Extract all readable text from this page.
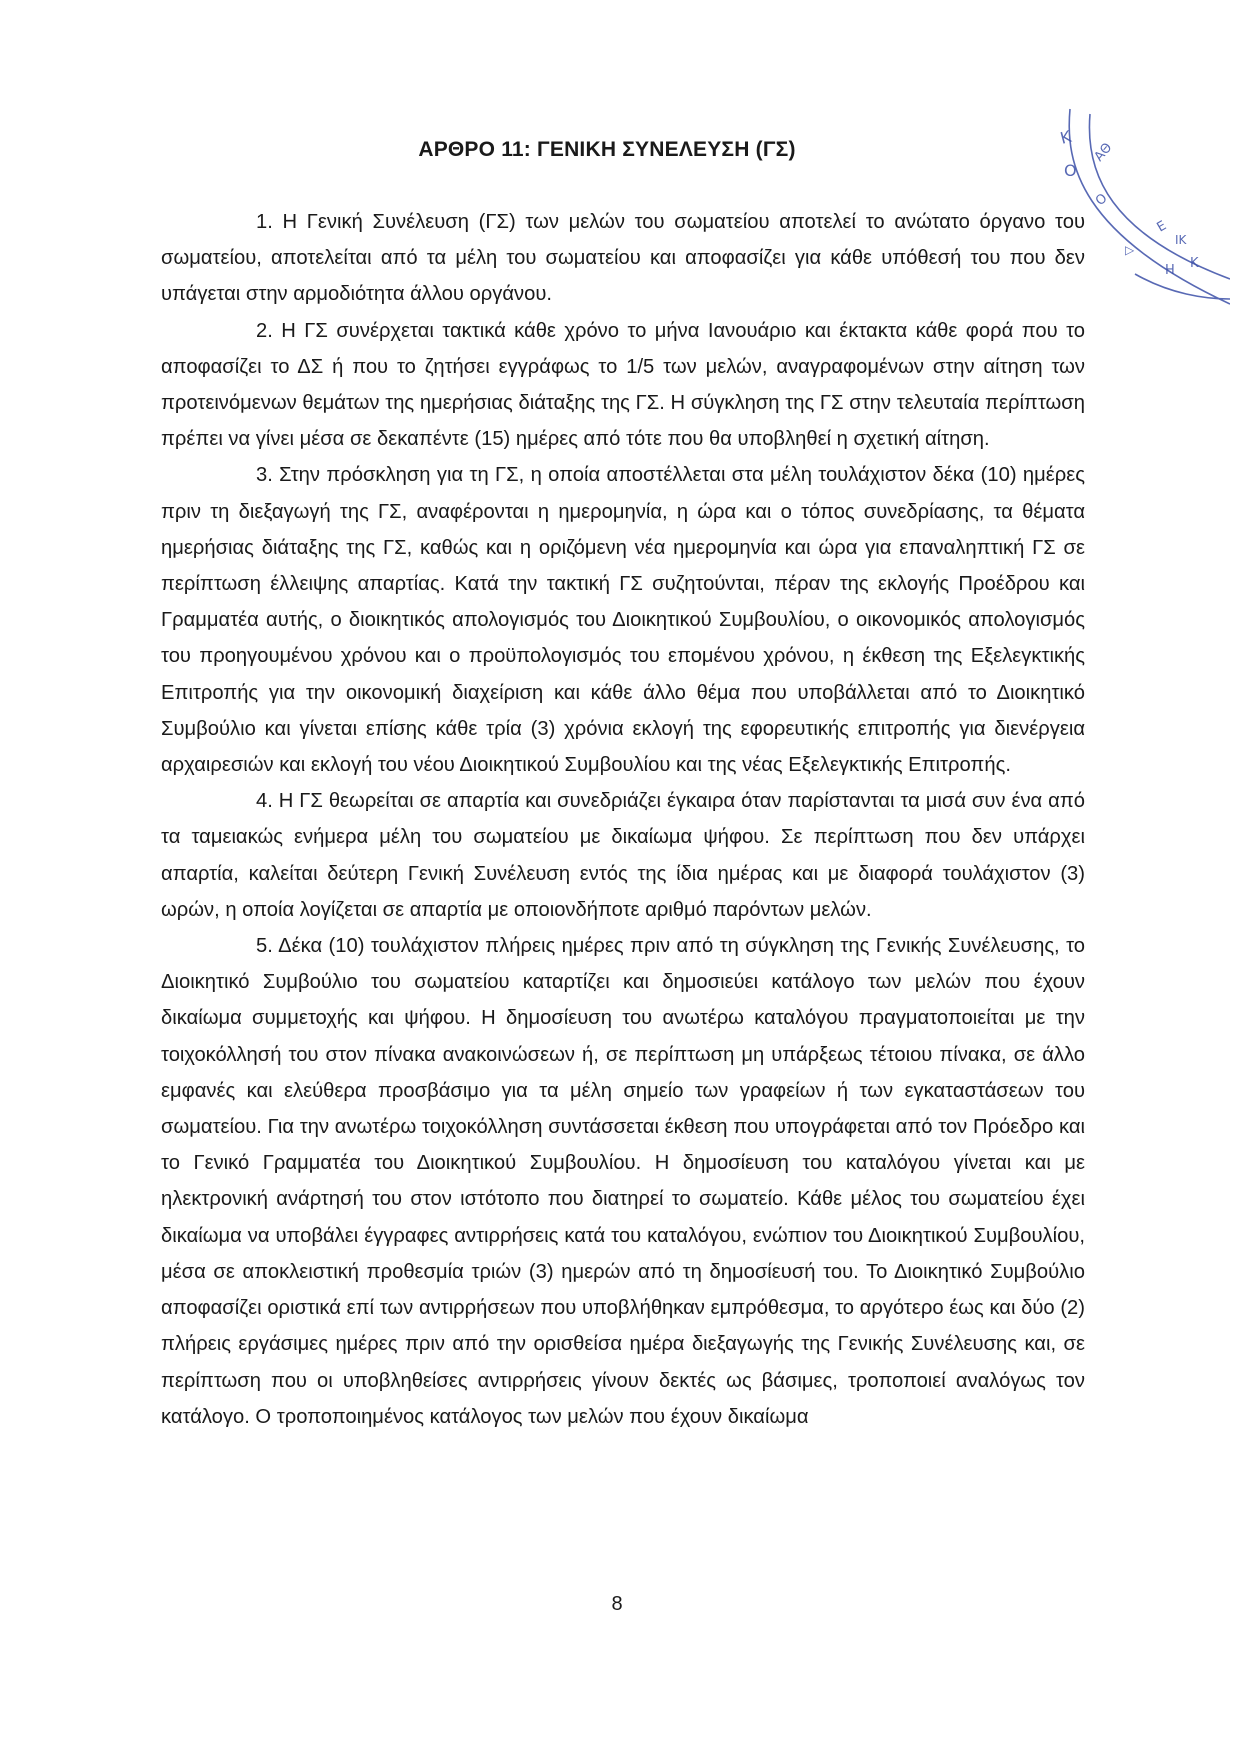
ΑΡΘΡΟ 11: ΓΕΝΙΚΗ ΣΥΝΕΛΕΥΣΗ (ΓΣ)

1. Η Γενική Συνέλευση (ΓΣ) των μελών του σωματείου αποτελεί το ανώτατο όργανο του σωματείου, αποτελείται από τα μέλη του σωματείου και αποφασίζει για κάθε υπόθεσή του που δεν υπάγεται στην αρμοδιότητα άλλου οργάνου.

2. Η ΓΣ συνέρχεται τακτικά κάθε χρόνο το μήνα Ιανουάριο και έκτακτα κάθε φορά που το αποφασίζει το ΔΣ ή που το ζητήσει εγγράφως το 1/5 των μελών, αναγραφομένων στην αίτηση των προτεινόμενων θεμάτων της ημερήσιας διάταξης της ΓΣ. Η σύγκληση της ΓΣ στην τελευταία περίπτωση πρέπει να γίνει μέσα σε δεκαπέντε (15) ημέρες από τότε που θα υποβληθεί η σχετική αίτηση.

3. Στην πρόσκληση για τη ΓΣ, η οποία αποστέλλεται στα μέλη τουλάχιστον δέκα (10) ημέρες πριν τη διεξαγωγή της ΓΣ, αναφέρονται η ημερομηνία, η ώρα και ο τόπος συνεδρίασης, τα θέματα ημερήσιας διάταξης της ΓΣ, καθώς και η οριζόμενη νέα ημερομηνία και ώρα για επαναληπτική ΓΣ σε περίπτωση έλλειψης απαρτίας. Κατά την τακτική ΓΣ συζητούνται, πέραν της εκλογής Προέδρου και Γραμματέα αυτής, ο διοικητικός απολογισμός του Διοικητικού Συμβουλίου, ο οικονομικός απολογισμός του προηγουμένου χρόνου και ο προϋπολογισμός του επομένου χρόνου, η έκθεση της Εξελεγκτικής Επιτροπής για την οικονομική διαχείριση και κάθε άλλο θέμα που υποβάλλεται από το Διοικητικό Συμβούλιο και γίνεται επίσης κάθε τρία (3) χρόνια εκλογή της εφορευτικής επιτροπής για διενέργεια αρχαιρεσιών και εκλογή του νέου Διοικητικού Συμβουλίου και της νέας Εξελεγκτικής Επιτροπής.

4. Η ΓΣ θεωρείται σε απαρτία και συνεδριάζει έγκαιρα όταν παρίστανται τα μισά συν ένα από τα ταμειακώς ενήμερα μέλη του σωματείου με δικαίωμα ψήφου. Σε περίπτωση που δεν υπάρχει απαρτία, καλείται δεύτερη Γενική Συνέλευση εντός της ίδια ημέρας και με διαφορά τουλάχιστον (3) ωρών, η οποία λογίζεται σε απαρτία με οποιονδήποτε αριθμό παρόντων μελών.

5. Δέκα (10) τουλάχιστον πλήρεις ημέρες πριν από τη σύγκληση της Γενικής Συνέλευσης, το Διοικητικό Συμβούλιο του σωματείου καταρτίζει και δημοσιεύει κατάλογο των μελών που έχουν δικαίωμα συμμετοχής και ψήφου. Η δημοσίευση του ανωτέρω καταλόγου πραγματοποιείται με την τοιχοκόλλησή του στον πίνακα ανακοινώσεων ή, σε περίπτωση μη υπάρξεως τέτοιου πίνακα, σε άλλο εμφανές και ελεύθερα προσβάσιμο για τα μέλη σημείο των γραφείων ή των εγκαταστάσεων του σωματείου. Για την ανωτέρω τοιχοκόλληση συντάσσεται έκθεση που υπογράφεται από τον Πρόεδρο και το Γενικό Γραμματέα του Διοικητικού Συμβουλίου. Η δημοσίευση του καταλόγου γίνεται και με ηλεκτρονική ανάρτησή του στον ιστότοπο που διατηρεί το σωματείο. Κάθε μέλος του σωματείου έχει δικαίωμα να υποβάλει έγγραφες αντιρρήσεις κατά του καταλόγου, ενώπιον του Διοικητικού Συμβουλίου, μέσα σε αποκλειστική προθεσμία τριών (3) ημερών από τη δημοσίευσή του. Το Διοικητικό Συμβούλιο αποφασίζει οριστικά επί των αντιρρήσεων που υποβλήθηκαν εμπρόθεσμα, το αργότερο έως και δύο (2) πλήρεις εργάσιμες ημέρες πριν από την ορισθείσα ημέρα διεξαγωγής της Γενικής Συνέλευσης και, σε περίπτωση που οι υποβληθείσες αντιρρήσεις γίνουν δεκτές ως βάσιμες, τροποποιεί αναλόγως τον κατάλογο. Ο τροποποιημένος κατάλογος των μελών που έχουν δικαίωμα

Κ
Ο
ΑΘ
Ο
Ε
ΙΚ
Η Κ
▷
8
